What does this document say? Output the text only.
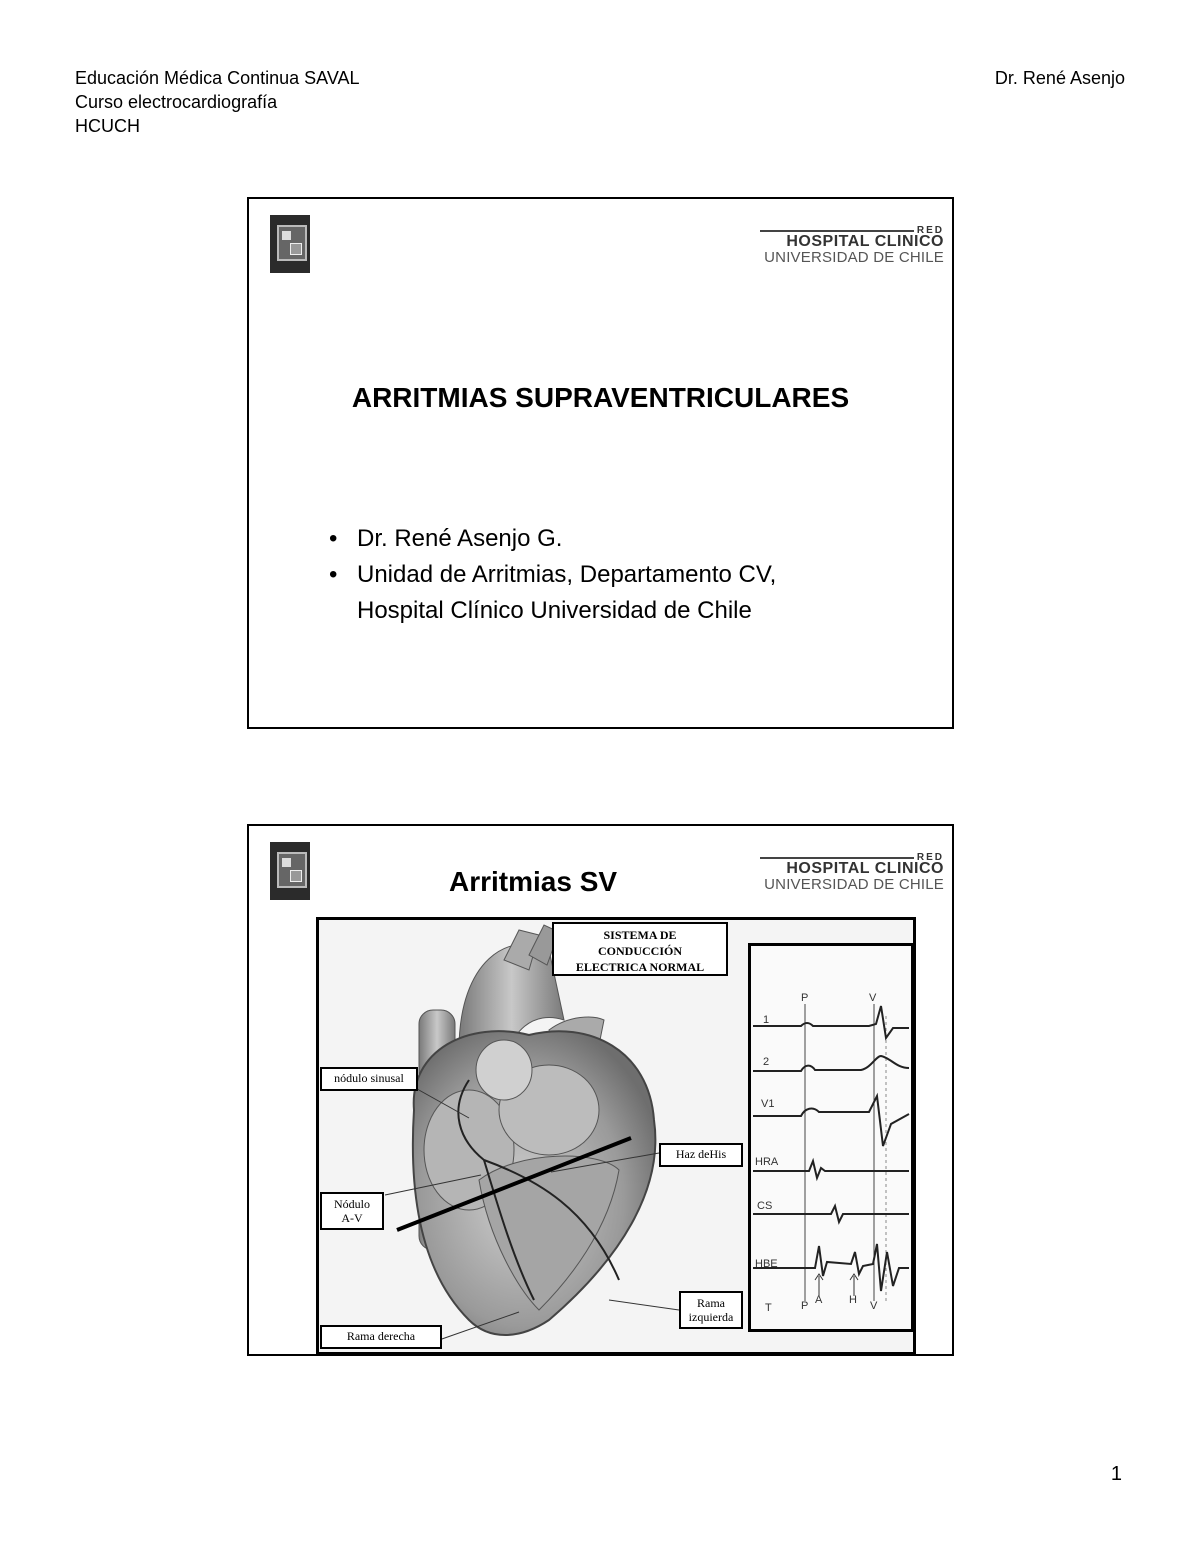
Educación Médica Continua SAVAL
Curso electrocardiografía
HCUCH
Dr. René Asenjo
RED
HOSPITAL CLINICO
UNIVERSIDAD DE CHILE
ARRITMIAS SUPRAVENTRICULARES
• Dr. René Asenjo G.
• Unidad de Arritmias, Departamento CV,
Hospital Clínico Universidad de Chile
RED
HOSPITAL CLINICO
UNIVERSIDAD DE CHILE
Arritmias SV
SISTEMA DE
CONDUCCIÓN
ELECTRICA NORMAL
nódulo sinusal
Haz deHis
Nódulo
A-V
Rama
izquierda
Rama derecha
P	V
1
2
V1
HRA
CS
HBE
T	P A H V
1
